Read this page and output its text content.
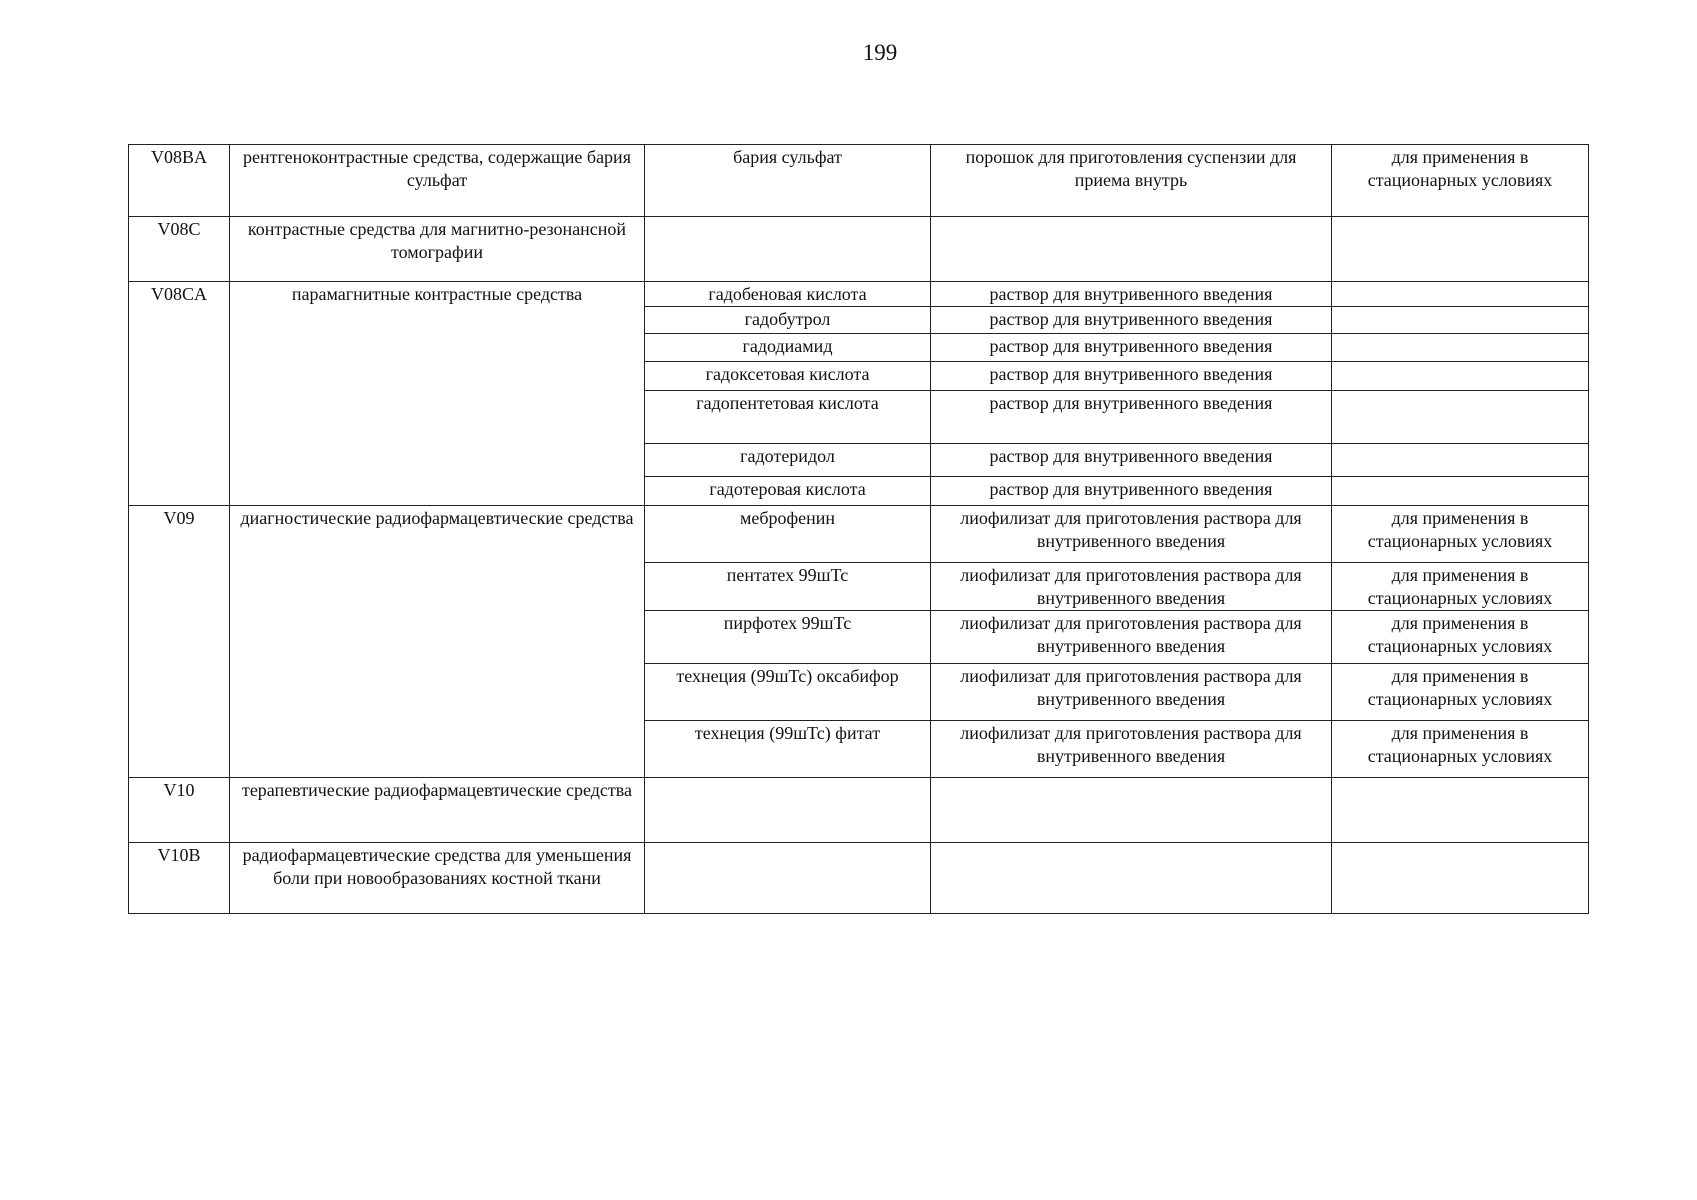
199
V08BA	рентгеноконтрастные средства, содержащие бария сульфат	бария сульфат	порошок для приготовления суспензии для приема внутрь	для применения в стационарных условиях
V08C	контрастные средства для магнитно-резонансной томографии			
V08CA	парамагнитные контрастные средства	гадобеновая кислота	раствор для внутривенного введения	
		гадобутрол	раствор для внутривенного введения	
		гадодиамид	раствор для внутривенного введения	
		гадоксетовая кислота	раствор для внутривенного введения	
		гадопентетовая кислота	раствор для внутривенного введения	
		гадотеридол	раствор для внутривенного введения	
		гадотеровая кислота	раствор для внутривенного введения	
V09	диагностические радиофармацевтические средства	меброфенин	лиофилизат для приготовления раствора для внутривенного введения	для применения в стационарных условиях
		пентатех 99шTc	лиофилизат для приготовления раствора для внутривенного введения	для применения в стационарных условиях
		пирфотех 99шTc	лиофилизат для приготовления раствора для внутривенного введения	для применения в стационарных условиях
		технеция (99шTc) оксабифор	лиофилизат для приготовления раствора для внутривенного введения	для применения в стационарных условиях
		технеция (99шTc) фитат	лиофилизат для приготовления раствора для внутривенного введения	для применения в стационарных условиях
V10	терапевтические радиофармацевтические средства			
V10B	радиофармацевтические средства для уменьшения боли при новообразованиях костной ткани			
